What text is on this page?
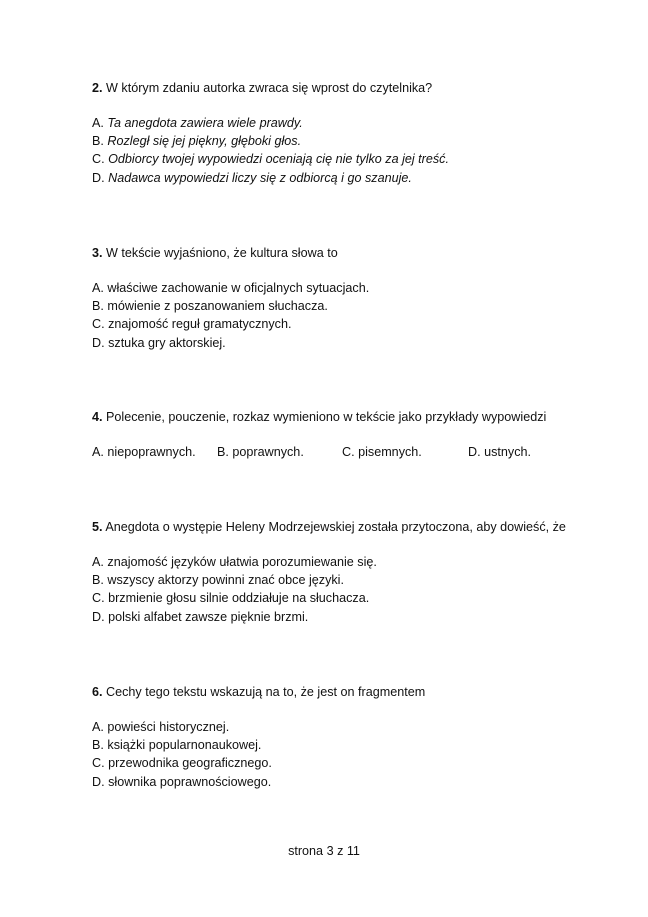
2. W którym zdaniu autorka zwraca się wprost do czytelnika?

A. Ta anegdota zawiera wiele prawdy.
B. Rozległ się jej piękny, głęboki głos.
C. Odbiorcy twojej wypowiedzi oceniają cię nie tylko za jej treść.
D. Nadawca wypowiedzi liczy się z odbiorcą i go szanuje.

3. W tekście wyjaśniono, że kultura słowa to

A. właściwe zachowanie w oficjalnych sytuacjach.
B. mówienie z poszanowaniem słuchacza.
C. znajomość reguł gramatycznych.
D. sztuka gry aktorskiej.

4. Polecenie, pouczenie, rozkaz wymieniono w tekście jako przykłady wypowiedzi

A. niepoprawnych. B. poprawnych.	C. pisemnych.	D. ustnych.

5. Anegdota o występie Heleny Modrzejewskiej została przytoczona, aby dowieść, że

A. znajomość języków ułatwia porozumiewanie się.
B. wszyscy aktorzy powinni znać obce języki.
C. brzmienie głosu silnie oddziałuje na słuchacza.
D. polski alfabet zawsze pięknie brzmi.

6. Cechy tego tekstu wskazują na to, że jest on fragmentem

A. powieści historycznej.
B. książki popularnonaukowej.
C. przewodnika geograficznego.
D. słownika poprawnościowego.
strona 3 z 11
